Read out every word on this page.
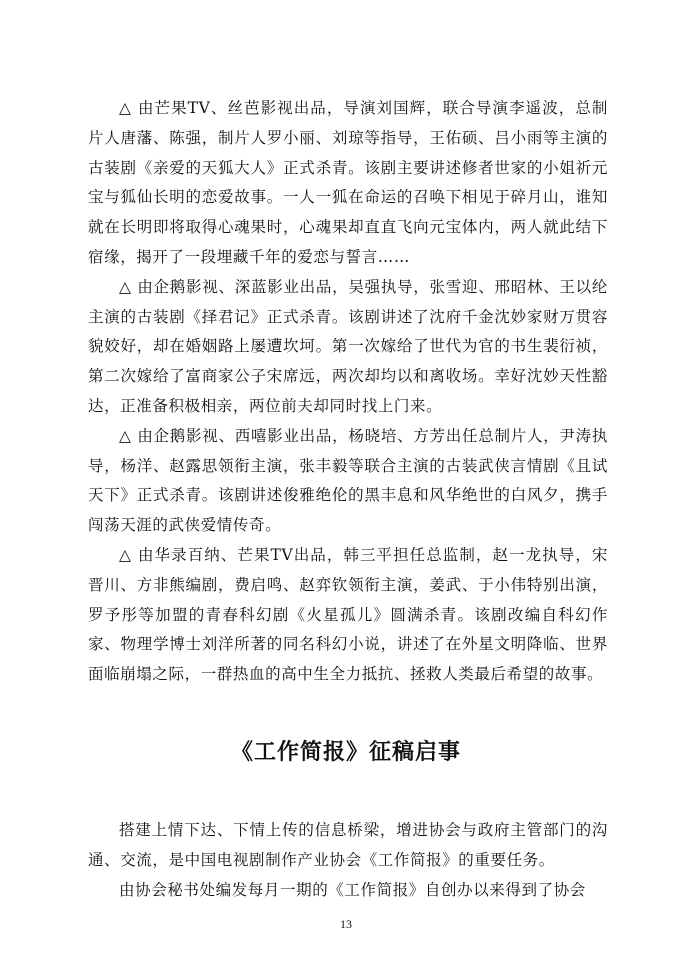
△ 由芒果TV、丝芭影视出品，导演刘国辉，联合导演李遥波，总制片人唐藩、陈强，制片人罗小丽、刘琼等指导，王佑硕、吕小雨等主演的古装剧《亲爱的天狐大人》正式杀青。该剧主要讲述修者世家的小姐祈元宝与狐仙长明的恋爱故事。一人一狐在命运的召唤下相见于碎月山，谁知就在长明即将取得心魂果时，心魂果却直直飞向元宝体内，两人就此结下宿缘，揭开了一段埋藏千年的爱恋与誓言……

△ 由企鹅影视、深蓝影业出品，吴强执导，张雪迎、邢昭林、王以纶主演的古装剧《择君记》正式杀青。该剧讲述了沈府千金沈妙家财万贯容貌姣好，却在婚姻路上屡遭坎坷。第一次嫁给了世代为官的书生裴衍祯，第二次嫁给了富商家公子宋席远，两次却均以和离收场。幸好沈妙天性豁达，正准备积极相亲，两位前夫却同时找上门来。

△ 由企鹅影视、西嘻影业出品，杨晓培、方芳出任总制片人，尹涛执导，杨洋、赵露思领衔主演，张丰毅等联合主演的古装武侠言情剧《且试天下》正式杀青。该剧讲述俊雅绝伦的黑丰息和风华绝世的白风夕，携手闯荡天涯的武侠爱情传奇。

△ 由华录百纳、芒果TV出品，韩三平担任总监制，赵一龙执导，宋晋川、方非熊编剧，费启鸣、赵弈钦领衔主演，姜武、于小伟特别出演，罗予彤等加盟的青春科幻剧《火星孤儿》圆满杀青。该剧改编自科幻作家、物理学博士刘洋所著的同名科幻小说，讲述了在外星文明降临、世界面临崩塌之际，一群热血的高中生全力抵抗、拯救人类最后希望的故事。

《工作简报》征稿启事

搭建上情下达、下情上传的信息桥梁，增进协会与政府主管部门的沟通、交流，是中国电视剧制作产业协会《工作简报》的重要任务。

由协会秘书处编发每月一期的《工作简报》自创办以来得到了协会

13
